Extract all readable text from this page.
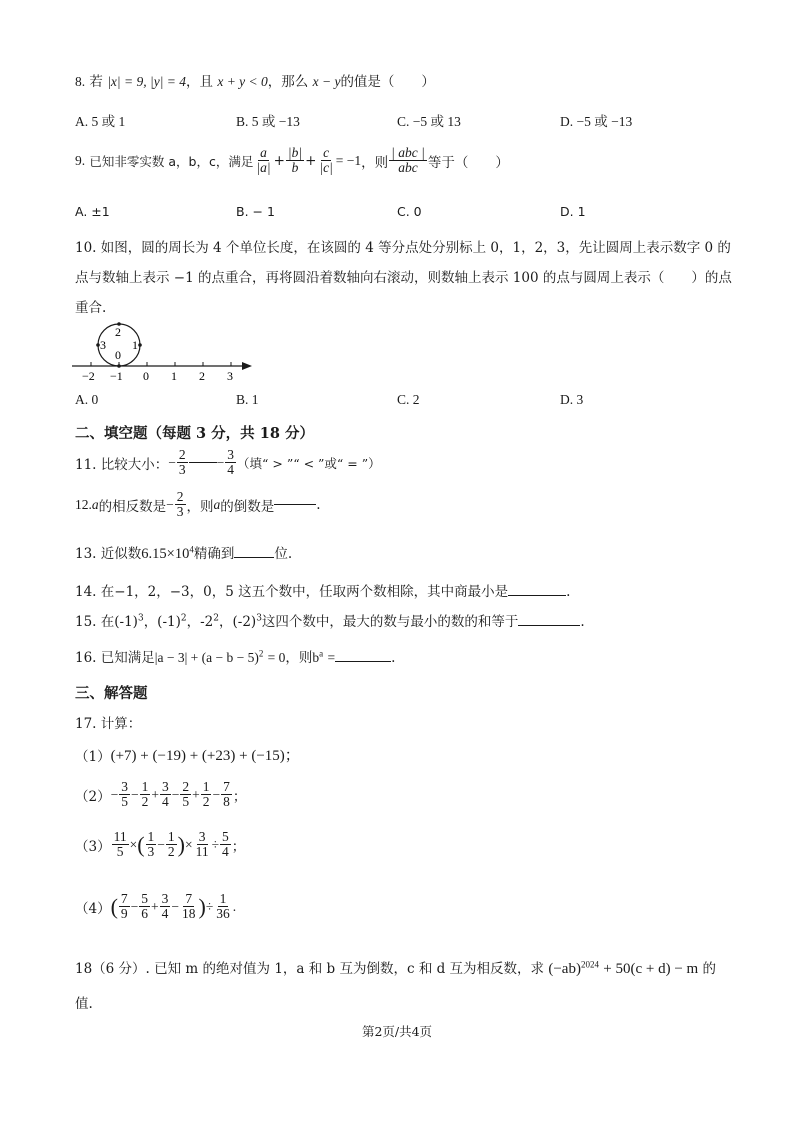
8. 若 |x| = 9, |y| = 4，且 x + y < 0，那么 x − y的值是（　　）
A. 5 或 1	B. 5 或 −13	C. −5 或 13	D. −5 或 −13
9.
已知非零实数 a，b，c，满足 $\frac{a}{|a|} + \frac{|b|}{b} + \frac{c}{|c|} = -1$ ，则 $\frac{\text{| abc |}}{\text{abc}}$ 等于（　　）
A. ±1	B. − 1	C. 0	D. 1
10. 如图，圆的周长为 4 个单位长度，在该圆的 4 等分点处分别标上 0，1，2，3，先让圆周上表示数字 0 的
点与数轴上表示 −1 的点重合，再将圆沿着数轴向右滚动，则数轴上表示 100 的点与圆周上表示（　　）的点
重合.
2
0
3 1
−2 −1 0 1 2 3
A. 0	B. 1	C. 2	D. 3
二、填空题（每题 3 分，共 18 分）
11. 比较大小： − $\frac{2}{3} - \frac{3}{4}$ （填“ > ”“ < ”或“ = ”）
12. a 的相反数是 − $\frac{2}{3}$ ，则 a 的倒数是	.
13. 近似数$6.15\times 10^4$精确到	位.
14. 在−1，2，−3，0，5 这五个数中，任取两个数相除，其中商最小是	.
15. 在$(-1)^3$，$(-1)^2$，$-2^2$，$(-2)^3$这四个数中，最大的数与最小的数的和等于	.
16. 已知满足$|a - 3| + (a - b - 5)^2 = 0$，则$b^a$ =	.
三、解答题
17. 计算：
（1） (+7) + (−19) + (+23) + (−15)；
$(2) - \frac{3}{5} - \frac{1}{2} + \frac{3}{4} - \frac{2}{5} + \frac{1}{2} - \frac{7}{8}$ ；
$(3) \frac{11}{5}$ × ( $\frac{1}{3} - \frac{1}{2}$ ) × $\frac{3}{11} \div \frac{5}{4}$ ；
（4） ( $\frac{7}{9} - \frac{5}{6} + \frac{3}{4} - \frac{7}{18}$ ) ÷ $\frac{1}{36}$ .
18（6 分）. 已知 m 的绝对值为 1，a 和 b 互为倒数，c 和 d 互为相反数，求 $(-ab)^{2024} + 50(c + d) - m$ 的
值.
第2页/共4页
